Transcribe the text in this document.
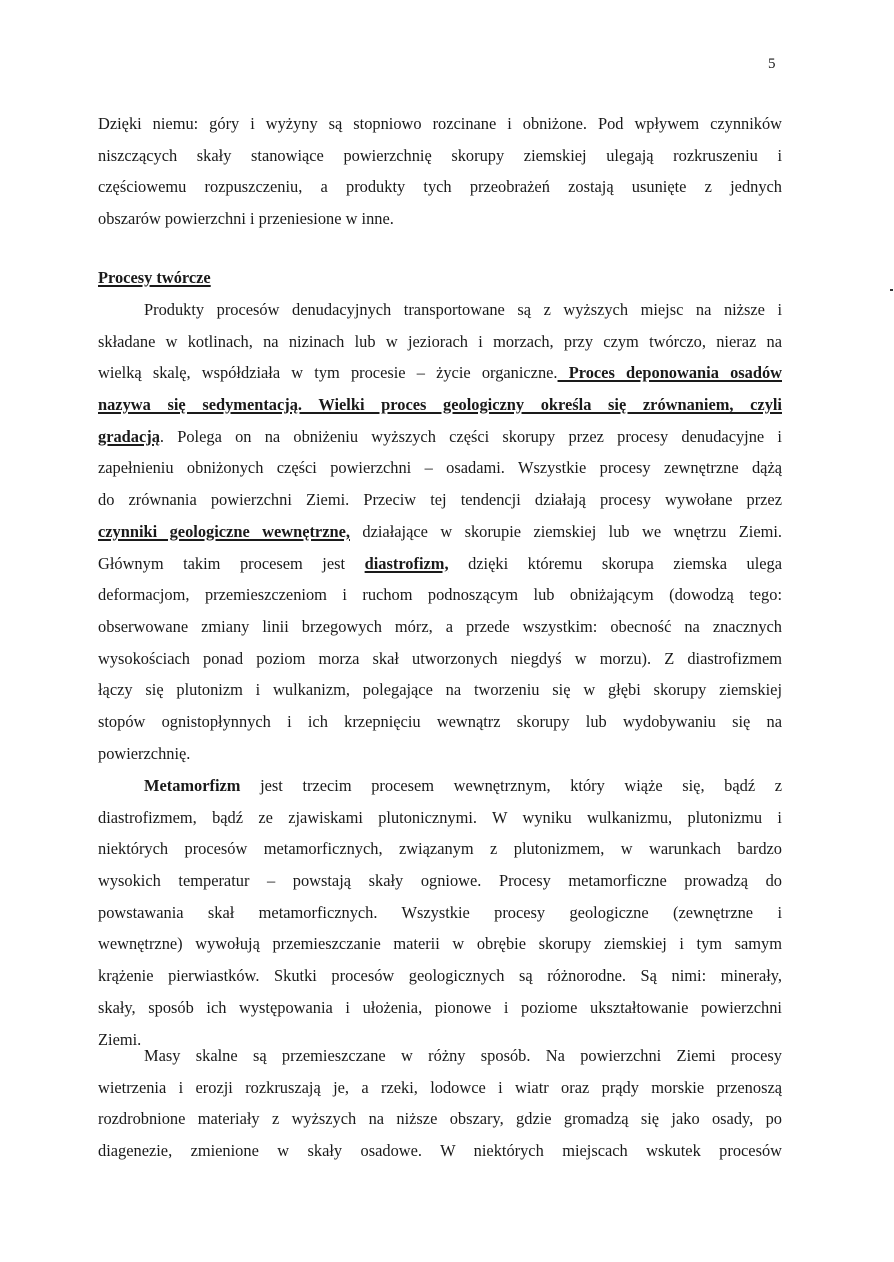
5
Dzięki niemu: góry i wyżyny są stopniowo rozcinane i obniżone. Pod wpływem czynników
niszczących skały stanowiące powierzchnię skorupy ziemskiej ulegają rozkruszeniu i
częściowemu rozpuszczeniu, a produkty tych przeobrażeń zostają usunięte z jednych
obszarów powierzchni i przeniesione w inne.
Procesy twórcze
Produkty procesów denudacyjnych transportowane są z wyższych miejsc na niższe i
składane w kotlinach, na nizinach lub w jeziorach i morzach, przy czym twórczo, nieraz na
wielką skalę, współdziała w tym procesie – życie organiczne. Proces deponowania osadów
nazywa się sedymentacją. Wielki proces geologiczny określa się zrównaniem, czyli
gradacją. Polega on na obniżeniu wyższych części skorupy przez procesy denudacyjne i
zapełnieniu obniżonych części powierzchni – osadami. Wszystkie procesy zewnętrzne dążą
do zrównania powierzchni Ziemi. Przeciw tej tendencji działają procesy wywołane przez
czynniki geologiczne wewnętrzne, działające w skorupie ziemskiej lub we wnętrzu Ziemi.
Głównym takim procesem jest diastrofizm, dzięki któremu skorupa ziemska ulega
deformacjom, przemieszczeniom i ruchom podnoszącym lub obniżającym (dowodzą tego:
obserwowane zmiany linii brzegowych mórz, a przede wszystkim: obecność na znacznych
wysokościach ponad poziom morza skał utworzonych niegdyś w morzu). Z diastrofizmem
łączy się plutonizm i wulkanizm, polegające na tworzeniu się w głębi skorupy ziemskiej
stopów ognistopłynnych i ich krzepnięciu wewnątrz skorupy lub wydobywaniu się na
powierzchnię.
Metamorfizm jest trzecim procesem wewnętrznym, który wiąże się, bądź z
diastrofizmem, bądź ze zjawiskami plutonicznymi. W wyniku wulkanizmu, plutonizmu i
niektórych procesów metamorficznych, związanym z plutonizmem, w warunkach bardzo
wysokich temperatur – powstają skały ogniowe. Procesy metamorficzne prowadzą do
powstawania skał metamorficznych. Wszystkie procesy geologiczne (zewnętrzne i
wewnętrzne) wywołują przemieszczanie materii w obrębie skorupy ziemskiej i tym samym
krążenie pierwiastków. Skutki procesów geologicznych są różnorodne. Są nimi: minerały,
skały, sposób ich występowania i ułożenia, pionowe i poziome ukształtowanie powierzchni
Ziemi.
Masy skalne są przemieszczane w różny sposób. Na powierzchni Ziemi procesy
wietrzenia i erozji rozkruszają je, a rzeki, lodowce i wiatr oraz prądy morskie przenoszą
rozdrobnione materiały z wyższych na niższe obszary, gdzie gromadzą się jako osady, po
diagenezie, zmienione w skały osadowe. W niektórych miejscach wskutek procesów
